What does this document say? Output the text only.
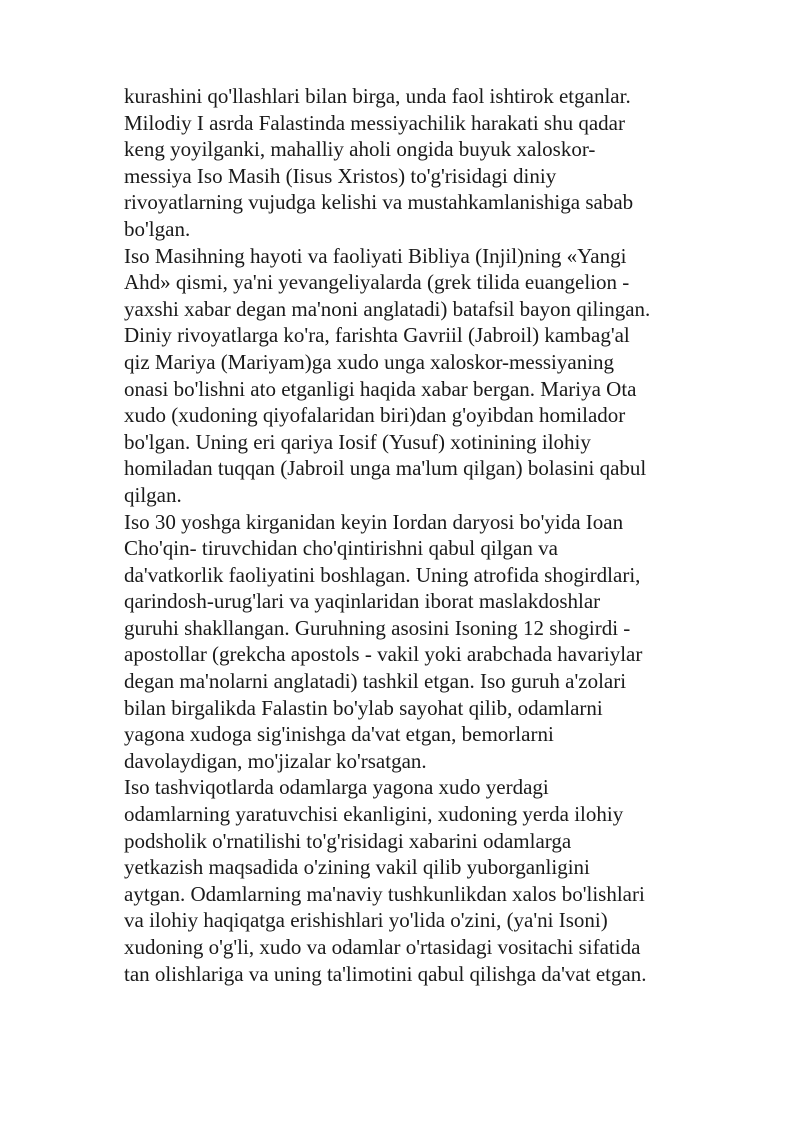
kurashini qo'llashlari bilan birga, unda faol ishtirok etganlar.
Milodiy I asrda Falastinda messiyachilik harakati shu qadar
keng yoyilganki, mahalliy aholi ongida buyuk xaloskor-
messiya Iso Masih (Iisus Xristos) to'g'risidagi diniy
rivoyatlarning vujudga kelishi va mustahkamlanishiga sabab
bo'lgan.
Iso Masihning hayoti va faoliyati Bibliya (Injil)ning «Yangi
Ahd» qismi, ya'ni yevangeliyalarda (grek tilida euangelion -
yaxshi xabar degan ma'noni anglatadi) batafsil bayon qilingan.
Diniy rivoyatlarga ko'ra, farishta Gavriil (Jabroil) kambag'al
qiz Mariya (Mariyam)ga xudo unga xaloskor-messiyaning
onasi bo'lishni ato etganligi haqida xabar bergan. Mariya Ota
xudo (xudoning qiyofalaridan biri)dan g'oyibdan homilador
bo'lgan. Uning eri qariya Iosif (Yusuf) xotinining ilohiy
homiladan tuqqan (Jabroil unga ma'lum qilgan) bolasini qabul
qilgan.
Iso 30 yoshga kirganidan keyin Iordan daryosi bo'yida Ioan
Cho'qin- tiruvchidan cho'qintirishni qabul qilgan va
da'vatkorlik faoliyatini boshlagan. Uning atrofida shogirdlari,
qarindosh-urug'lari va yaqinlaridan iborat maslakdoshlar
guruhi shakllangan. Guruhning asosini Isoning 12 shogirdi -
apostollar (grekcha apostols - vakil yoki arabchada havariylar
degan ma'nolarni anglatadi) tashkil etgan. Iso guruh a'zolari
bilan birgalikda Falastin bo'ylab sayohat qilib, odamlarni
yagona xudoga sig'inishga da'vat etgan, bemorlarni
davolaydigan, mo'jizalar ko'rsatgan.
Iso tashviqotlarda odamlarga yagona xudo yerdagi
odamlarning yaratuvchisi ekanligini, xudoning yerda ilohiy
podsholik o'rnatilishi to'g'risidagi xabarini odamlarga
yetkazish maqsadida o'zining vakil qilib yuborganligini
aytgan. Odamlarning ma'naviy tushkunlikdan xalos bo'lishlari
va ilohiy haqiqatga erishishlari yo'lida o'zini, (ya'ni Isoni)
xudoning o'g'li, xudo va odamlar o'rtasidagi vositachi sifatida
tan olishlariga va uning ta'limotini qabul qilishga da'vat etgan.
